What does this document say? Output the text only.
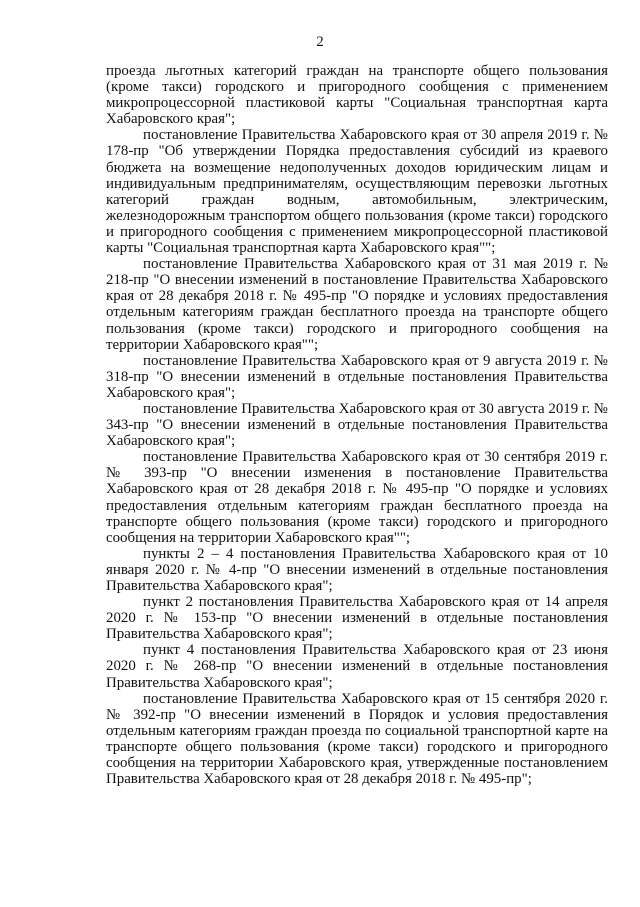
2

проезда льготных категорий граждан на транспорте общего пользования (кроме такси) городского и пригородного сообщения с применением микропроцессорной пластиковой карты "Социальная транспортная карта Хабаровского края";

постановление Правительства Хабаровского края от 30 апреля 2019 г. № 178-пр "Об утверждении Порядка предоставления субсидий из краевого бюджета на возмещение недополученных доходов юридическим лицам и индивидуальным предпринимателям, осуществляющим перевозки льготных категорий граждан водным, автомобильным, электрическим, железнодорожным транспортом общего пользования (кроме такси) городского и пригородного сообщения с применением микропроцессорной пластиковой карты "Социальная транспортная карта Хабаровского края"";

постановление Правительства Хабаровского края от 31 мая 2019 г. № 218-пр "О внесении изменений в постановление Правительства Хабаровского края от 28 декабря 2018 г. № 495-пр "О порядке и условиях предоставления отдельным категориям граждан бесплатного проезда на транспорте общего пользования (кроме такси) городского и пригородного сообщения на территории Хабаровского края"";

постановление Правительства Хабаровского края от 9 августа 2019 г. № 318-пр "О внесении изменений в отдельные постановления Правительства Хабаровского края";

постановление Правительства Хабаровского края от 30 августа 2019 г. № 343-пр "О внесении изменений в отдельные постановления Правительства Хабаровского края";

постановление Правительства Хабаровского края от 30 сентября 2019 г. № 393-пр "О внесении изменения в постановление Правительства Хабаровского края от 28 декабря 2018 г. № 495-пр "О порядке и условиях предоставления отдельным категориям граждан бесплатного проезда на транспорте общего пользования (кроме такси) городского и пригородного сообщения на территории Хабаровского края"";

пункты 2 – 4 постановления Правительства Хабаровского края от 10 января 2020 г. № 4-пр "О внесении изменений в отдельные постановления Правительства Хабаровского края";

пункт 2 постановления Правительства Хабаровского края от 14 апреля 2020 г. № 153-пр "О внесении изменений в отдельные постановления Правительства Хабаровского края";

пункт 4 постановления Правительства Хабаровского края от 23 июня 2020 г. № 268-пр "О внесении изменений в отдельные постановления Правительства Хабаровского края";

постановление Правительства Хабаровского края от 15 сентября 2020 г. № 392-пр "О внесении изменений в Порядок и условия предоставления отдельным категориям граждан проезда по социальной транспортной карте на транспорте общего пользования (кроме такси) городского и пригородного сообщения на территории Хабаровского края, утвержденные постановлением Правительства Хабаровского края от 28 декабря 2018 г. № 495-пр";
